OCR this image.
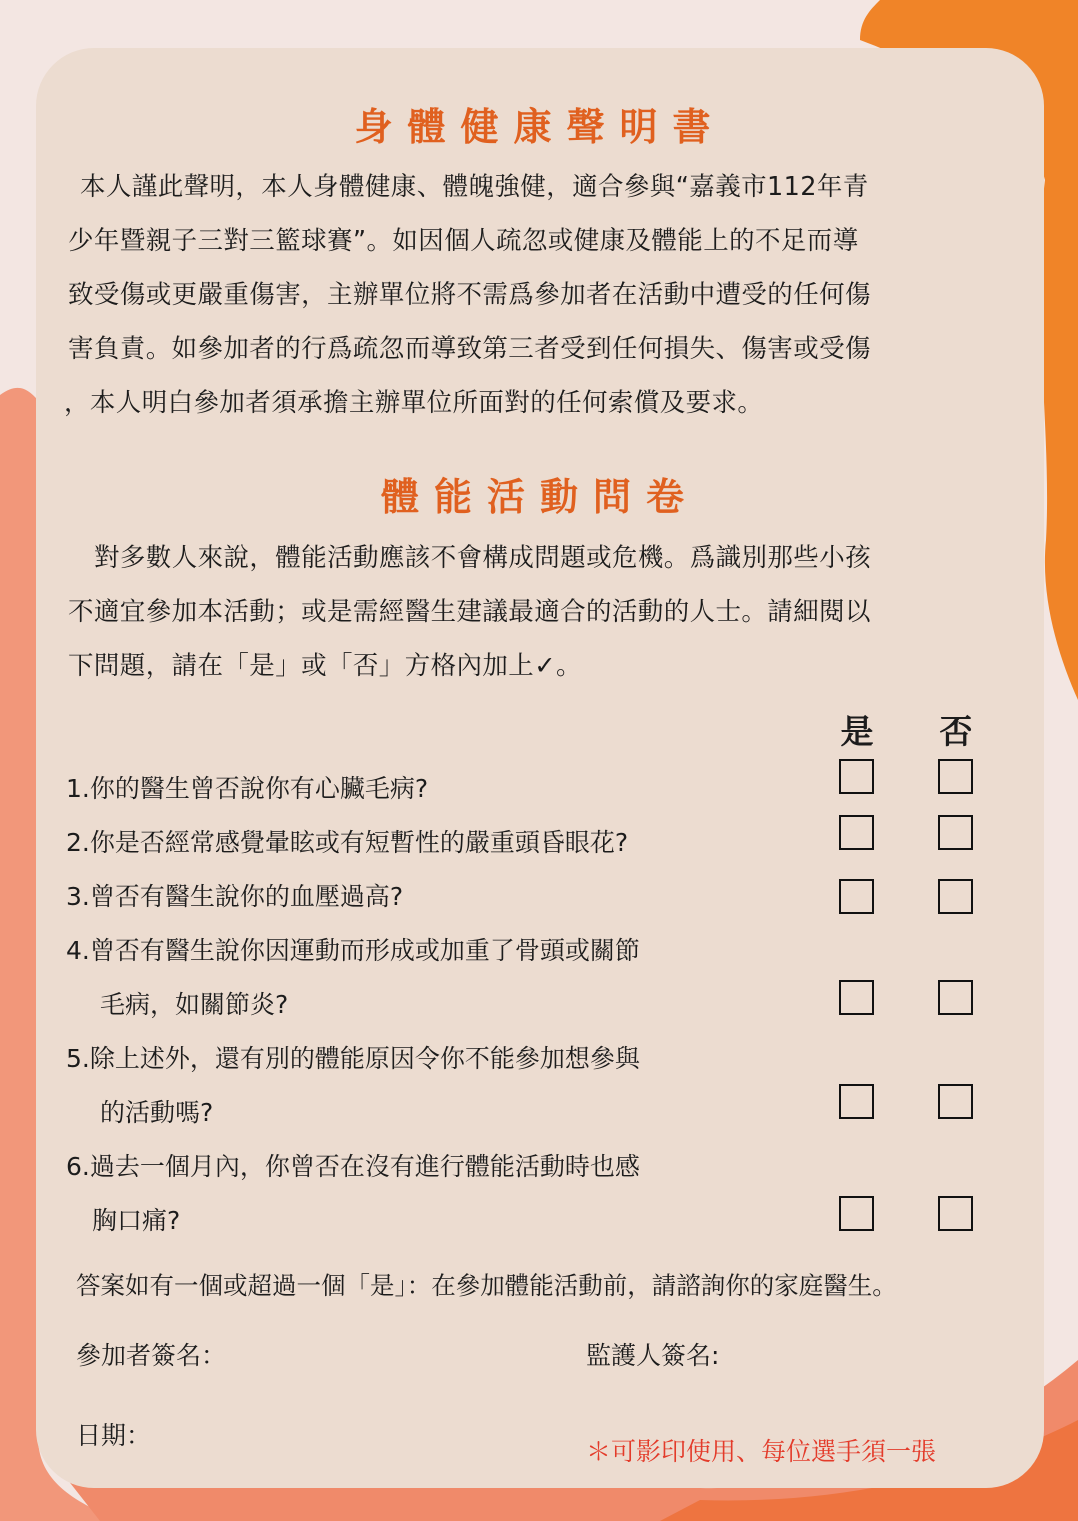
身體健康聲明書
本人謹此聲明，本人身體健康、體魄強健，適合參與“嘉義市112年青
少年暨親子三對三籃球賽”。如因個人疏忽或健康及體能上的不足而導
致受傷或更嚴重傷害，主辦單位將不需爲參加者在活動中遭受的任何傷
害負責。如參加者的行爲疏忽而導致第三者受到任何損失、傷害或受傷
，本人明白參加者須承擔主辦單位所面對的任何索償及要求。
體能活動問卷
對多數人來說，體能活動應該不會構成問題或危機。爲識別那些小孩
不適宜參加本活動；或是需經醫生建議最適合的活動的人士。請細閱以
下問題，請在「是」或「否」方格內加上✓。
是 否
1.你的醫生曾否說你有心臟毛病?
2.你是否經常感覺暈眩或有短暫性的嚴重頭昏眼花?
3.曾否有醫生說你的血壓過高?
4.曾否有醫生說你因運動而形成或加重了骨頭或關節
毛病，如關節炎?
5.除上述外，還有別的體能原因令你不能參加想參與
的活動嗎?
6.過去一個月內，你曾否在沒有進行體能活動時也感
胸口痛?
答案如有一個或超過一個「是」：在參加體能活動前，請諮詢你的家庭醫生。
參加者簽名：	監護人簽名:
日期：
＊可影印使用、每位選手須一張
